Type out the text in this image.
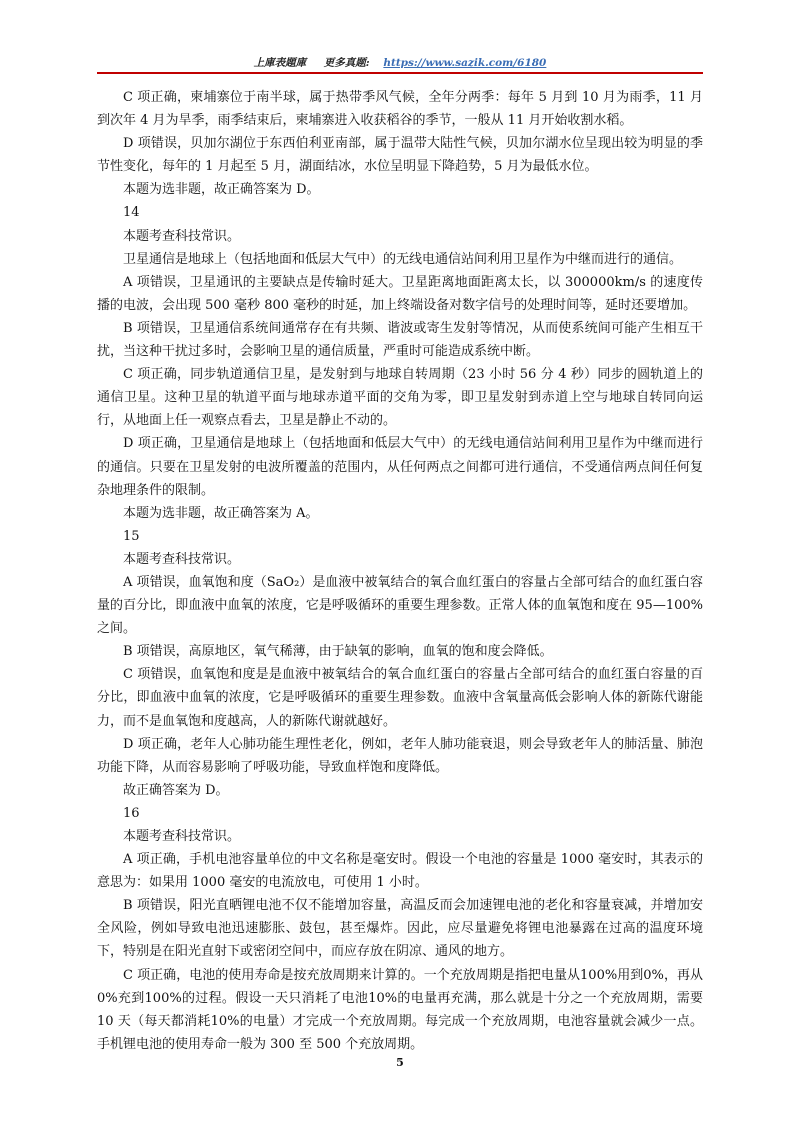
上庫表題庫 更多真题: https://www.sazik.com/6180

C 项正确，柬埔寨位于南半球，属于热带季风气候，全年分两季：每年 5 月到 10 月为雨季，11 月到次年 4 月为旱季，雨季结束后，柬埔寨进入收获稻谷的季节，一般从 11 月开始收割水稻。

D 项错误，贝加尔湖位于东西伯利亚南部，属于温带大陆性气候，贝加尔湖水位呈现出较为明显的季节性变化，每年的 1 月起至 5 月，湖面结冰，水位呈明显下降趋势，5 月为最低水位。

本题为选非题，故正确答案为 D。

14

本题考查科技常识。

卫星通信是地球上（包括地面和低层大气中）的无线电通信站间利用卫星作为中继而进行的通信。

A 项错误，卫星通讯的主要缺点是传输时延大。卫星距离地面距离太长，以 300000km/s 的速度传播的电波，会出现 500 毫秒 800 毫秒的时延，加上终端设备对数字信号的处理时间等，延时还要增加。

B 项错误，卫星通信系统间通常存在有共频、谐波或寄生发射等情况，从而使系统间可能产生相互干扰，当这种干扰过多时，会影响卫星的通信质量，严重时可能造成系统中断。

C 项正确，同步轨道通信卫星，是发射到与地球自转周期（23 小时 56 分 4 秒）同步的圆轨道上的通信卫星。这种卫星的轨道平面与地球赤道平面的交角为零，即卫星发射到赤道上空与地球自转同向运行，从地面上任一观察点看去，卫星是静止不动的。

D 项正确，卫星通信是地球上（包括地面和低层大气中）的无线电通信站间利用卫星作为中继而进行的通信。只要在卫星发射的电波所覆盖的范围内，从任何两点之间都可进行通信，不受通信两点间任何复杂地理条件的限制。

本题为选非题，故正确答案为 A。

15

本题考查科技常识。

A 项错误，血氧饱和度（SaO₂）是血液中被氧结合的氧合血红蛋白的容量占全部可结合的血红蛋白容量的百分比，即血液中血氧的浓度，它是呼吸循环的重要生理参数。正常人体的血氧饱和度在 95—100% 之间。

B 项错误，高原地区，氧气稀薄，由于缺氧的影响，血氧的饱和度会降低。

C 项错误，血氧饱和度是是血液中被氧结合的氧合血红蛋白的容量占全部可结合的血红蛋白容量的百分比，即血液中血氧的浓度，它是呼吸循环的重要生理参数。血液中含氧量高低会影响人体的新陈代谢能力，而不是血氧饱和度越高，人的新陈代谢就越好。

D 项正确，老年人心肺功能生理性老化，例如，老年人肺功能衰退，则会导致老年人的肺活量、肺泡功能下降，从而容易影响了呼吸功能，导致血样饱和度降低。

故正确答案为 D。

16

本题考查科技常识。

A 项正确，手机电池容量单位的中文名称是毫安时。假设一个电池的容量是 1000 毫安时，其表示的意思为：如果用 1000 毫安的电流放电，可使用 1 小时。

B 项错误，阳光直晒锂电池不仅不能增加容量，高温反而会加速锂电池的老化和容量衰减，并增加安全风险，例如导致电池迅速膨胀、鼓包，甚至爆炸。因此，应尽量避免将锂电池暴露在过高的温度环境下，特别是在阳光直射下或密闭空间中，而应存放在阴凉、通风的地方。

C 项正确，电池的使用寿命是按充放周期来计算的。一个充放周期是指把电量从100%用到0%，再从0%充到100%的过程。假设一天只消耗了电池10%的电量再充满，那么就是十分之一个充放周期，需要 10 天（每天都消耗10%的电量）才完成一个充放周期。每完成一个充放周期，电池容量就会减少一点。手机锂电池的使用寿命一般为 300 至 500 个充放周期。

5
